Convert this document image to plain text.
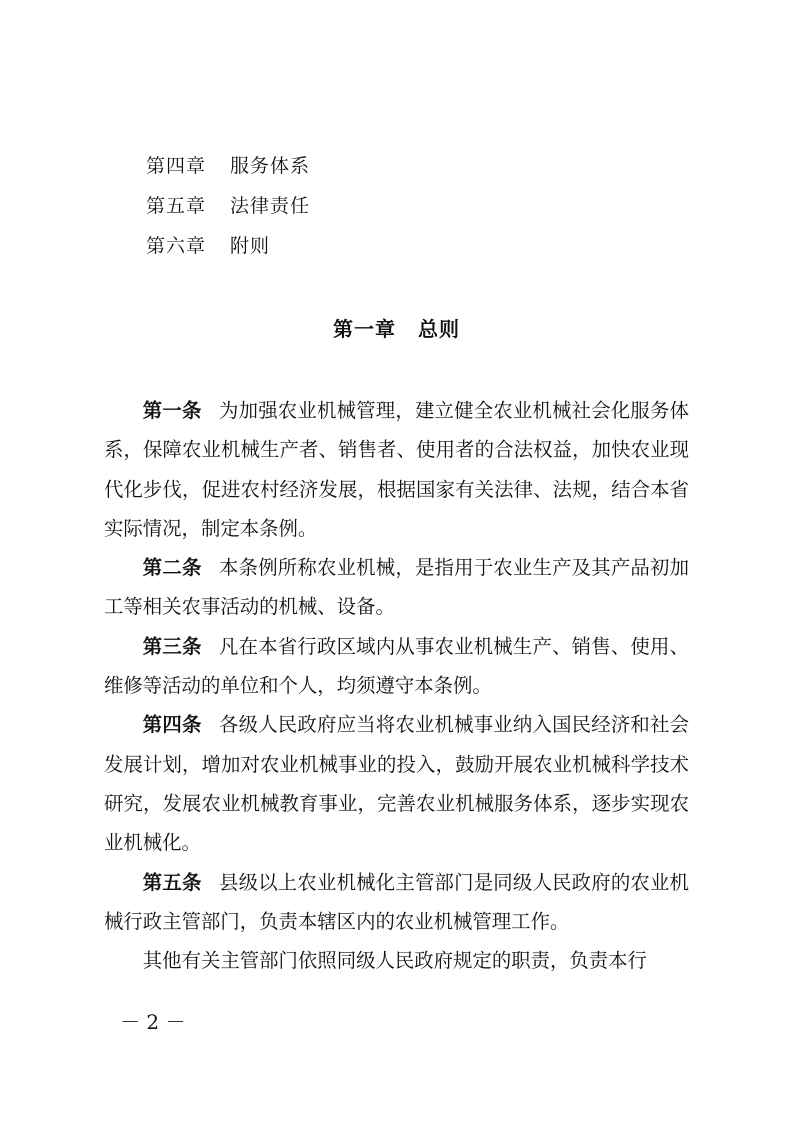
第四章 服务体系
第五章 法律责任
第六章 附则
第一章 总则

第一条 为加强农业机械管理，建立健全农业机械社会化服务体系，保障农业机械生产者、销售者、使用者的合法权益，加快农业现代化步伐，促进农村经济发展，根据国家有关法律、法规，结合本省实际情况，制定本条例。

第二条 本条例所称农业机械，是指用于农业生产及其产品初加工等相关农事活动的机械、设备。

第三条 凡在本省行政区域内从事农业机械生产、销售、使用、维修等活动的单位和个人，均须遵守本条例。

第四条 各级人民政府应当将农业机械事业纳入国民经济和社会发展计划，增加对农业机械事业的投入，鼓励开展农业机械科学技术研究，发展农业机械教育事业，完善农业机械服务体系，逐步实现农业机械化。

第五条 县级以上农业机械化主管部门是同级人民政府的农业机械行政主管部门，负责本辖区内的农业机械管理工作。

其他有关主管部门依照同级人民政府规定的职责，负责本行

－ 2 －
